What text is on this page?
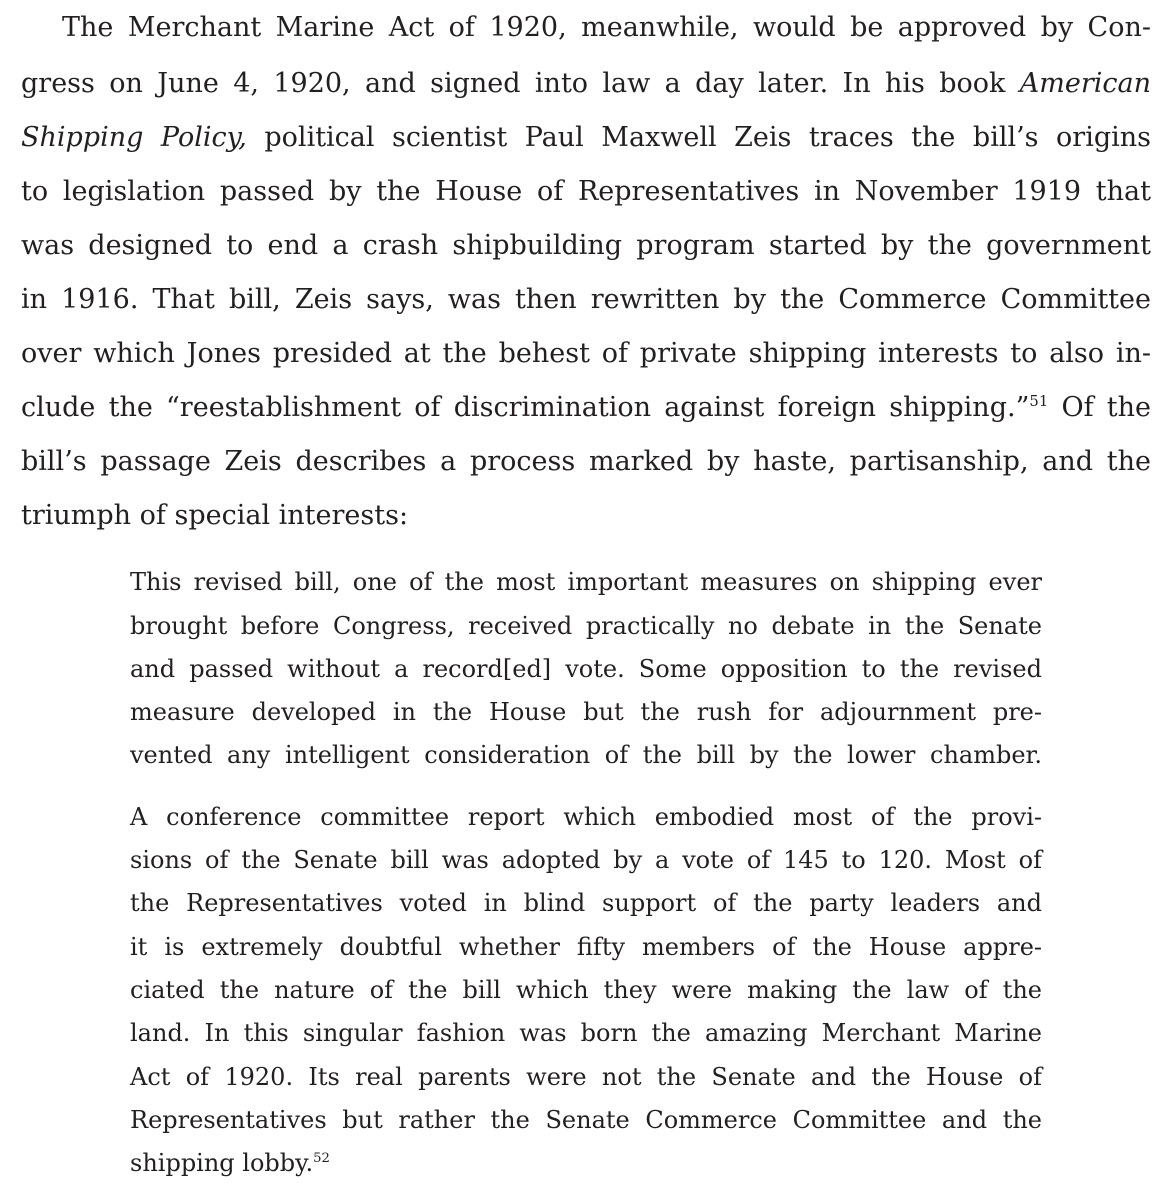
The Merchant Marine Act of 1920, meanwhile, would be approved by Con-
gress on June 4, 1920, and signed into law a day later. In his book American
Shipping Policy, political scientist Paul Maxwell Zeis traces the bill’s origins
to legislation passed by the House of Representatives in November 1919 that
was designed to end a crash shipbuilding program started by the government
in 1916. That bill, Zeis says, was then rewritten by the Commerce Committee
over which Jones presided at the behest of private shipping interests to also in-
clude the “reestablishment of discrimination against foreign shipping.”$^{51}$ Of the
bill’s passage Zeis describes a process marked by haste, partisanship, and the
triumph of special interests:
This revised bill, one of the most important measures on shipping ever
brought before Congress, received practically no debate in the Senate
and passed without a record[ed] vote. Some opposition to the revised
measure developed in the House but the rush for adjournment pre-
vented any intelligent consideration of the bill by the lower chamber.
A conference committee report which embodied most of the provi-
sions of the Senate bill was adopted by a vote of 145 to 120. Most of
the Representatives voted in blind support of the party leaders and
it is extremely doubtful whether fifty members of the House appre-
ciated the nature of the bill which they were making the law of the
land. In this singular fashion was born the amazing Merchant Marine
Act of 1920. Its real parents were not the Senate and the House of
Representatives but rather the Senate Commerce Committee and the
shipping lobby.$^{52}$
